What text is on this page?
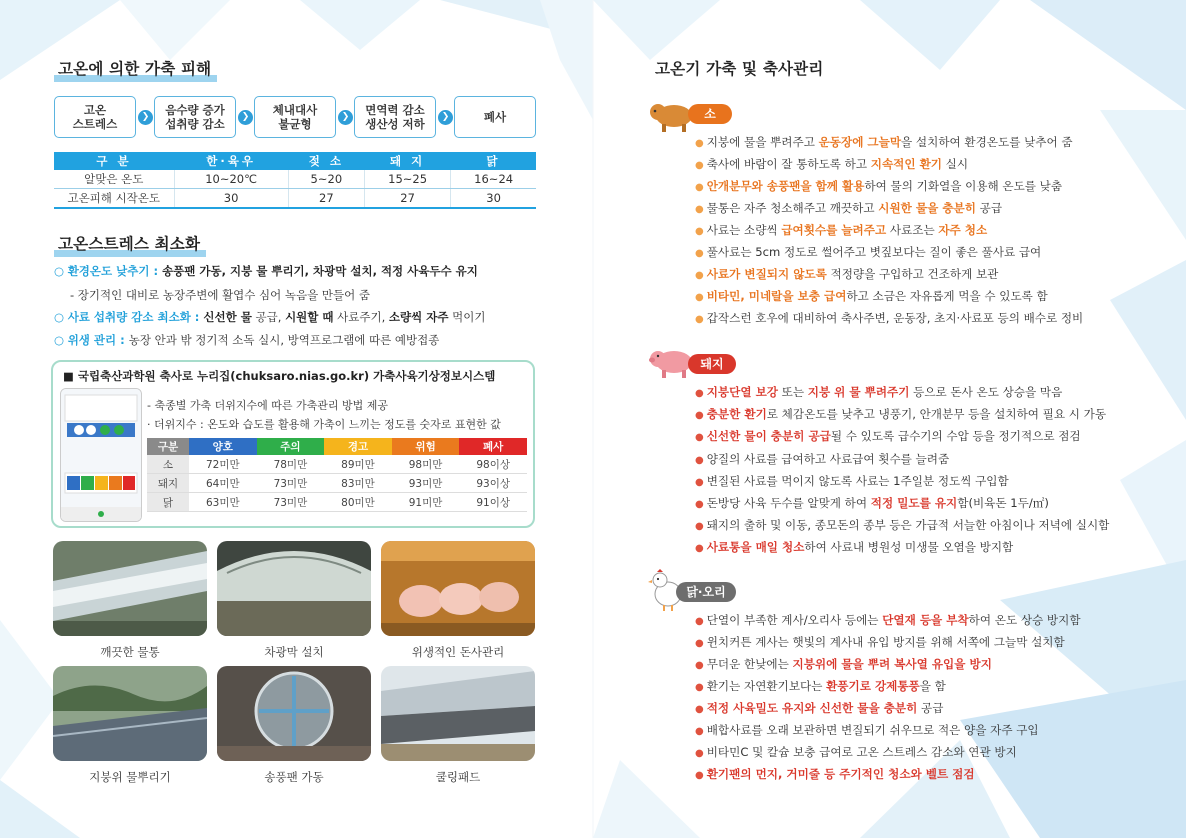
고온에 의한 가축 피해
고온
스트레스	❯	음수량 증가
섭취량 감소	❯	체내대사
불균형	❯	면역력 감소
생산성 저하	❯	폐사
구 분	한·육우	젖 소	돼 지	닭
알맞은 온도	10~20℃	5~20	15~25	16~24
고온피해 시작온도	30	27	27	30
고온스트레스 최소화
○ 환경온도 낮추기 : 송풍팬 가동, 지붕 물 뿌리기, 차광막 설치, 적정 사육두수 유지
- 장기적인 대비로 농장주변에 활엽수 심어 녹음을 만들어 줌
○ 사료 섭취량 감소 최소화 : 신선한 물 공급, 시원할 때 사료주기, 소량씩 자주 먹이기
○ 위생 관리 : 농장 안과 밖 정기적 소독 실시, 방역프로그램에 따른 예방접종
■ 국립축산과학원 축사로 누리집(chuksaro.nias.go.kr) 가축사육기상정보시스템
- 축종별 가축 더위지수에 따른 가축관리 방법 제공
· 더위지수 : 온도와 습도를 활용해 가축이 느끼는 정도를 숫자로 표현한 값
구분	양호	주의	경고	위험	폐사
소	72미만	78미만	89미만	98미만	98이상
돼지	64미만	73미만	83미만	93미만	93이상
닭	63미만	73미만	80미만	91미만	91이상
깨끗한 물통	차광막 설치	위생적인 돈사관리
지붕위 물뿌리기	송풍팬 가동	쿨링패드
고온기 가축 및 축사관리
소
● 지붕에 물을 뿌려주고 운동장에 그늘막을 설치하여 환경온도를 낮추어 줌
● 축사에 바람이 잘 통하도록 하고 지속적인 환기 실시
● 안개분무와 송풍팬을 함께 활용하여 물의 기화열을 이용해 온도를 낮춤
● 물통은 자주 청소해주고 깨끗하고 시원한 물을 충분히 공급
● 사료는 소량씩 급여횟수를 늘려주고 사료조는 자주 청소
● 풀사료는 5cm 정도로 썰어주고 볏짚보다는 질이 좋은 풀사료 급여
● 사료가 변질되지 않도록 적정량을 구입하고 건조하게 보관
● 비타민, 미네랄을 보충 급여하고 소금은 자유롭게 먹을 수 있도록 함
● 갑작스런 호우에 대비하여 축사주변, 운동장, 초지·사료포 등의 배수로 정비
돼지
● 지붕단열 보강 또는 지붕 위 물 뿌려주기 등으로 돈사 온도 상승을 막음
● 충분한 환기로 체감온도를 낮추고 냉풍기, 안개분무 등을 설치하여 필요 시 가동
● 신선한 물이 충분히 공급될 수 있도록 급수기의 수압 등을 정기적으로 점검
● 양질의 사료를 급여하고 사료급여 횟수를 늘려줌
● 변질된 사료를 먹이지 않도록 사료는 1주일분 정도씩 구입함
● 돈방당 사육 두수를 알맞게 하여 적정 밀도를 유지함(비육돈 1두/㎡)
● 돼지의 출하 및 이동, 종모돈의 종부 등은 가급적 서늘한 아침이나 저녁에 실시함
● 사료통을 매일 청소하여 사료내 병원성 미생물 오염을 방지함
닭·오리
● 단열이 부족한 계사/오리사 등에는 단열재 등을 부착하여 온도 상승 방지함
● 윈치커튼 계사는 햇빛의 계사내 유입 방지를 위해 서쪽에 그늘막 설치함
● 무더운 한낮에는 지붕위에 물을 뿌려 복사열 유입을 방지
● 환기는 자연환기보다는 환풍기로 강제통풍을 함
● 적정 사육밀도 유지와 신선한 물을 충분히 공급
● 배합사료를 오래 보관하면 변질되기 쉬우므로 적은 양을 자주 구입
● 비타민C 및 칼슘 보충 급여로 고온 스트레스 감소와 연관 방지
● 환기팬의 먼지, 거미줄 등 주기적인 청소와 벨트 점검
